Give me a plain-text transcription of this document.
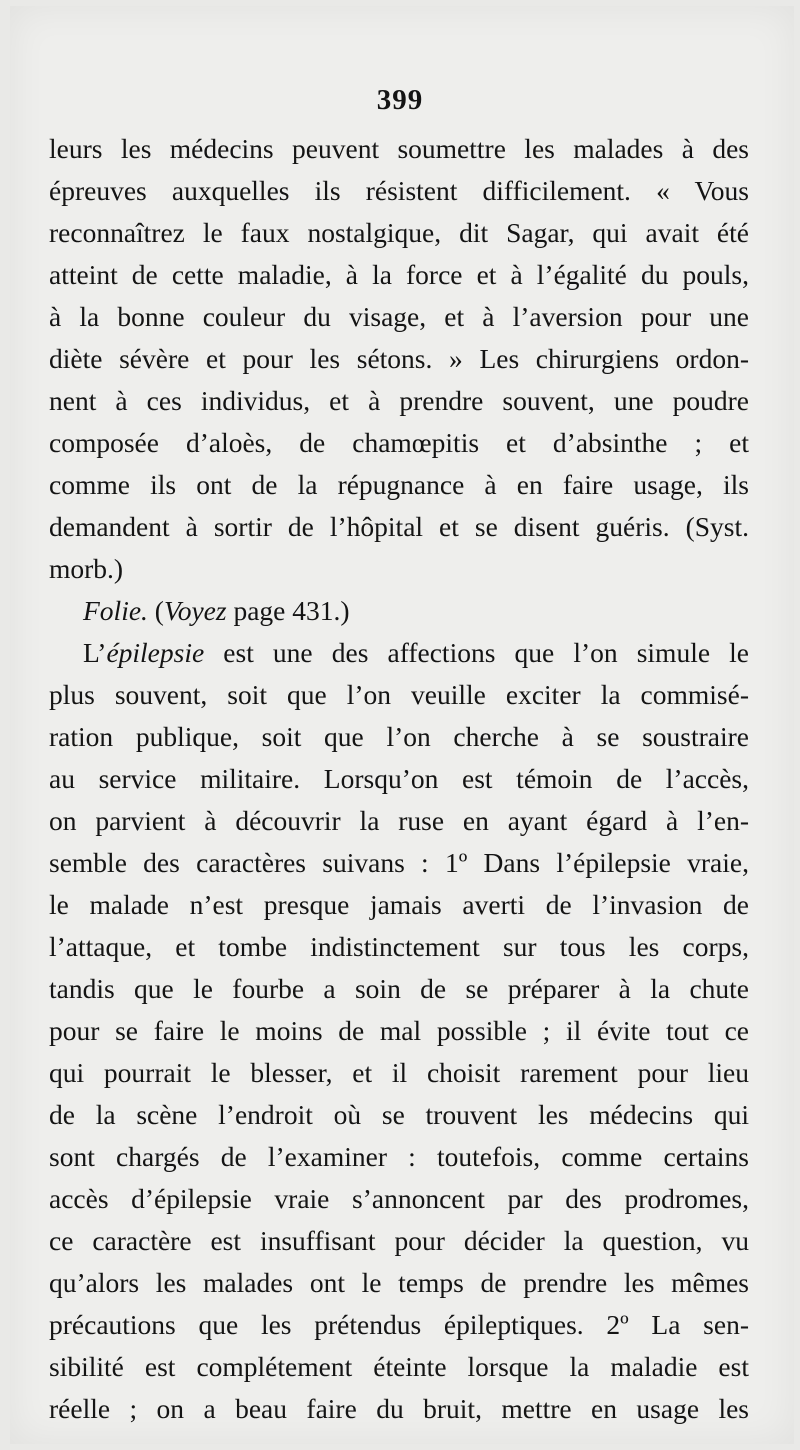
399
leurs les médecins peuvent soumettre les malades à des
épreuves auxquelles ils résistent difficilement. « Vous
reconnaîtrez le faux nostalgique, dit Sagar, qui avait été
atteint de cette maladie, à la force et à l’égalité du pouls,
à la bonne couleur du visage, et à l’aversion pour une
diète sévère et pour les sétons. » Les chirurgiens ordon-
nent à ces individus, et à prendre souvent, une poudre
composée d’aloès, de chamœpitis et d’absinthe ; et
comme ils ont de la répugnance à en faire usage, ils
demandent à sortir de l’hôpital et se disent guéris. (Syst.
morb.)
Folie. (Voyez page 431.)
L’épilepsie est une des affections que l’on simule le
plus souvent, soit que l’on veuille exciter la commisé-
ration publique, soit que l’on cherche à se soustraire
au service militaire. Lorsqu’on est témoin de l’accès,
on parvient à découvrir la ruse en ayant égard à l’en-
semble des caractères suivans : 1º Dans l’épilepsie vraie,
le malade n’est presque jamais averti de l’invasion de
l’attaque, et tombe indistinctement sur tous les corps,
tandis que le fourbe a soin de se préparer à la chute
pour se faire le moins de mal possible ; il évite tout ce
qui pourrait le blesser, et il choisit rarement pour lieu
de la scène l’endroit où se trouvent les médecins qui
sont chargés de l’examiner : toutefois, comme certains
accès d’épilepsie vraie s’annoncent par des prodromes,
ce caractère est insuffisant pour décider la question, vu
qu’alors les malades ont le temps de prendre les mêmes
précautions que les prétendus épileptiques. 2º La sen-
sibilité est complétement éteinte lorsque la maladie est
réelle ; on a beau faire du bruit, mettre en usage les
